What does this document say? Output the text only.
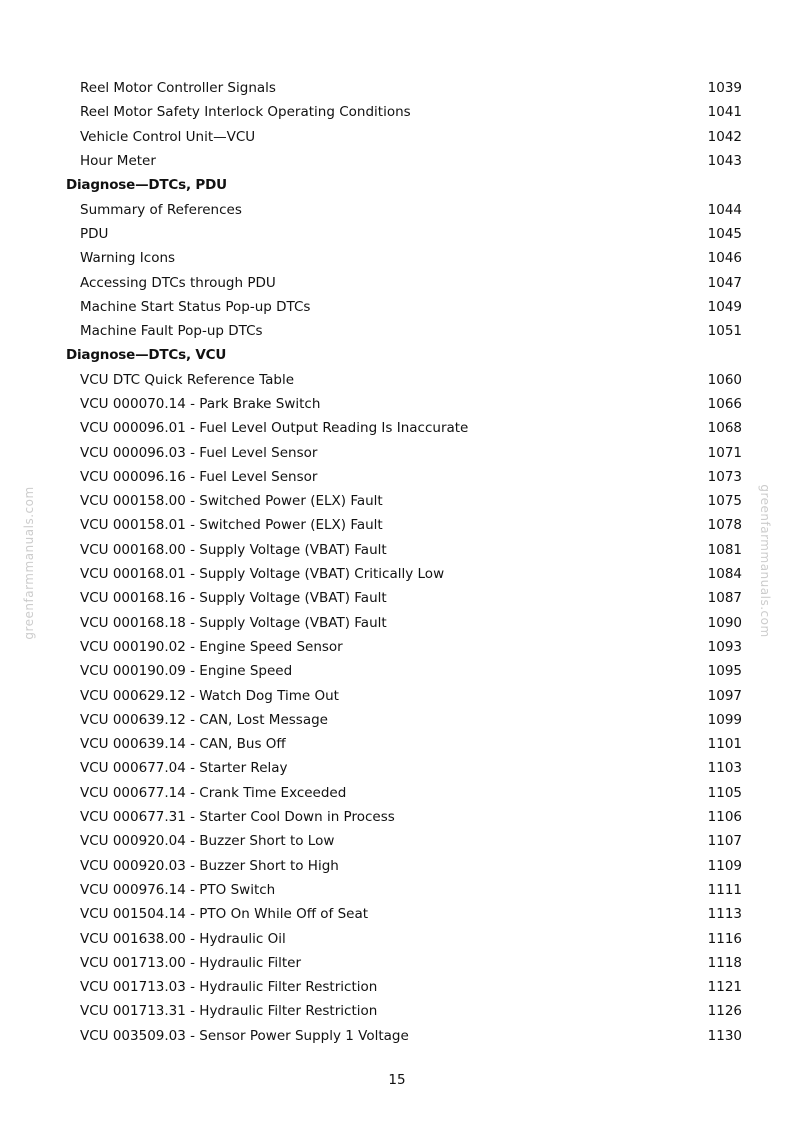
greenfarmmanuals.com	greenfarmmanuals.com
Reel Motor Controller Signals	1039
Reel Motor Safety Interlock Operating Conditions	1041
Vehicle Control Unit—VCU	1042
Hour Meter	1043
Diagnose—DTCs, PDU
Summary of References	1044
PDU	1045
Warning Icons	1046
Accessing DTCs through PDU	1047
Machine Start Status Pop-up DTCs	1049
Machine Fault Pop-up DTCs	1051
Diagnose—DTCs, VCU
VCU DTC Quick Reference Table	1060
VCU 000070.14 - Park Brake Switch	1066
VCU 000096.01 - Fuel Level Output Reading Is Inaccurate	1068
VCU 000096.03 - Fuel Level Sensor	1071
VCU 000096.16 - Fuel Level Sensor	1073
VCU 000158.00 - Switched Power (ELX) Fault	1075
VCU 000158.01 - Switched Power (ELX) Fault	1078
VCU 000168.00 - Supply Voltage (VBAT) Fault	1081
VCU 000168.01 - Supply Voltage (VBAT) Critically Low	1084
VCU 000168.16 - Supply Voltage (VBAT) Fault	1087
VCU 000168.18 - Supply Voltage (VBAT) Fault	1090
VCU 000190.02 - Engine Speed Sensor	1093
VCU 000190.09 - Engine Speed	1095
VCU 000629.12 - Watch Dog Time Out	1097
VCU 000639.12 - CAN, Lost Message	1099
VCU 000639.14 - CAN, Bus Off	1101
VCU 000677.04 - Starter Relay	1103
VCU 000677.14 - Crank Time Exceeded	1105
VCU 000677.31 - Starter Cool Down in Process	1106
VCU 000920.04 - Buzzer Short to Low	1107
VCU 000920.03 - Buzzer Short to High	1109
VCU 000976.14 - PTO Switch	1111
VCU 001504.14 - PTO On While Off of Seat	1113
VCU 001638.00 - Hydraulic Oil	1116
VCU 001713.00 - Hydraulic Filter	1118
VCU 001713.03 - Hydraulic Filter Restriction	1121
VCU 001713.31 - Hydraulic Filter Restriction	1126
VCU 003509.03 - Sensor Power Supply 1 Voltage	1130
15
